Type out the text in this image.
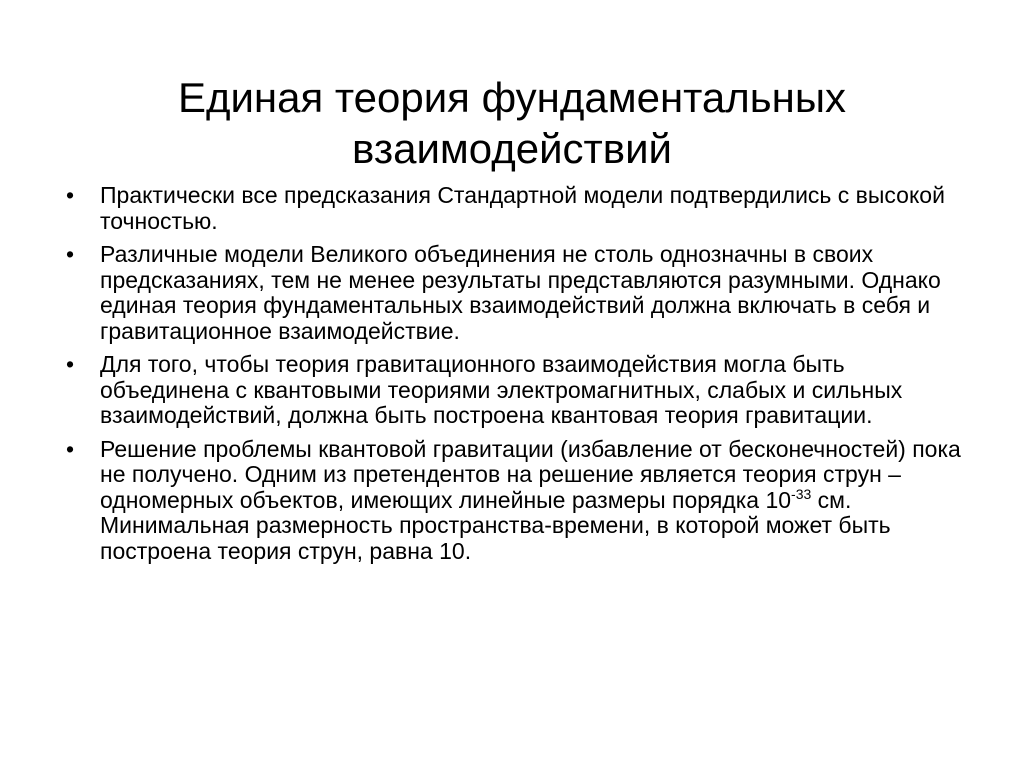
Единая теория фундаментальных
взаимодействий
• Практически все предсказания Стандартной модели подтвердились с высокой точностью.
• Различные модели Великого объединения не столь однозначны в своих предсказаниях, тем не менее результаты представляются разумными. Однако единая теория фундаментальных взаимодействий должна включать в себя и гравитационное взаимодействие.
• Для того, чтобы теория гравитационного взаимодействия могла быть объединена с квантовыми теориями электромагнитных, слабых и сильных взаимодействий, должна быть построена квантовая теория гравитации.
• Решение проблемы квантовой гравитации (избавление от бесконечностей) пока не получено. Одним из претендентов на решение является теория струн – одномерных объектов, имеющих линейные размеры порядка $10^{-33}$ см. Минимальная размерность пространства-времени, в которой может быть построена теория струн, равна 10.
